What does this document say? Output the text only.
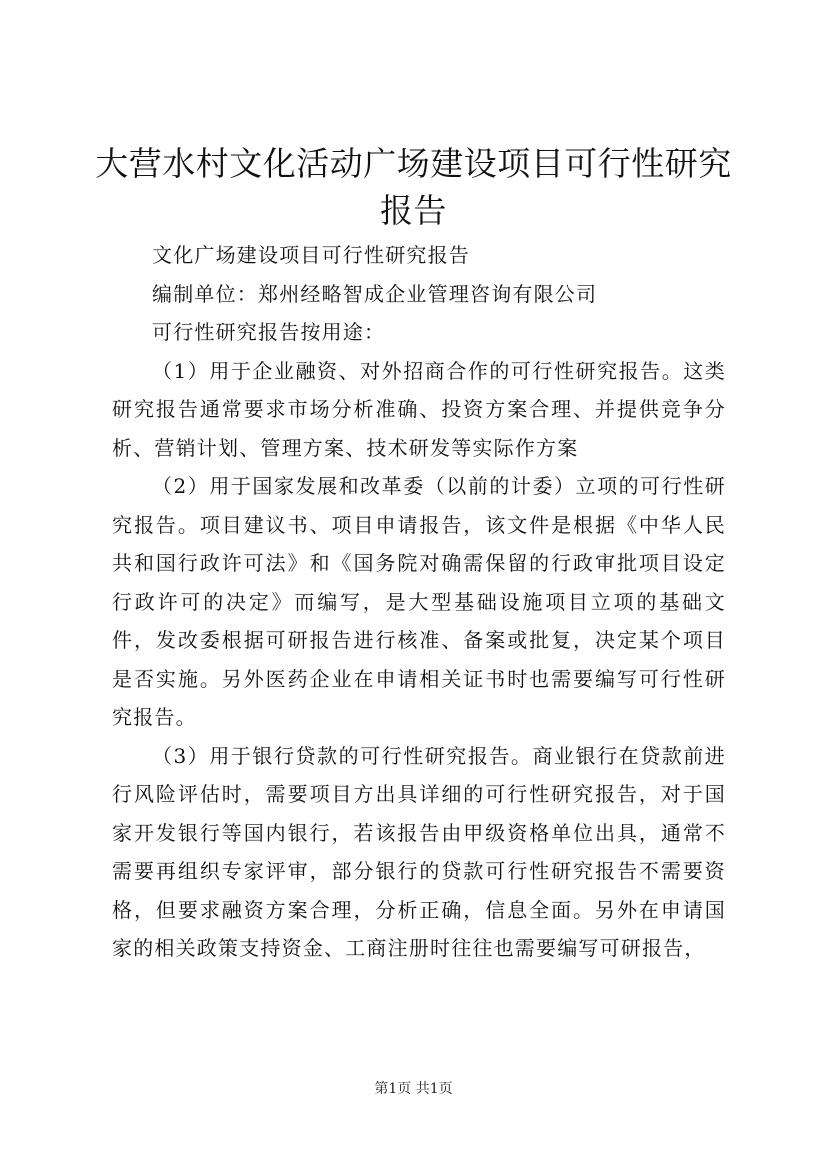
大营水村文化活动广场建设项目可行性研究报告

文化广场建设项目可行性研究报告

编制单位：郑州经略智成企业管理咨询有限公司

可行性研究报告按用途：

（1）用于企业融资、对外招商合作的可行性研究报告。这类研究报告通常要求市场分析准确、投资方案合理、并提供竞争分析、营销计划、管理方案、技术研发等实际作方案

（2）用于国家发展和改革委（以前的计委）立项的可行性研究报告。项目建议书、项目申请报告，该文件是根据《中华人民共和国行政许可法》和《国务院对确需保留的行政审批项目设定行政许可的决定》而编写，是大型基础设施项目立项的基础文件，发改委根据可研报告进行核准、备案或批复，决定某个项目是否实施。另外医药企业在申请相关证书时也需要编写可行性研究报告。

（3）用于银行贷款的可行性研究报告。商业银行在贷款前进行风险评估时，需要项目方出具详细的可行性研究报告，对于国家开发银行等国内银行，若该报告由甲级资格单位出具，通常不需要再组织专家评审，部分银行的贷款可行性研究报告不需要资格，但要求融资方案合理，分析正确，信息全面。另外在申请国家的相关政策支持资金、工商注册时往往也需要编写可研报告，

第1页 共1页
